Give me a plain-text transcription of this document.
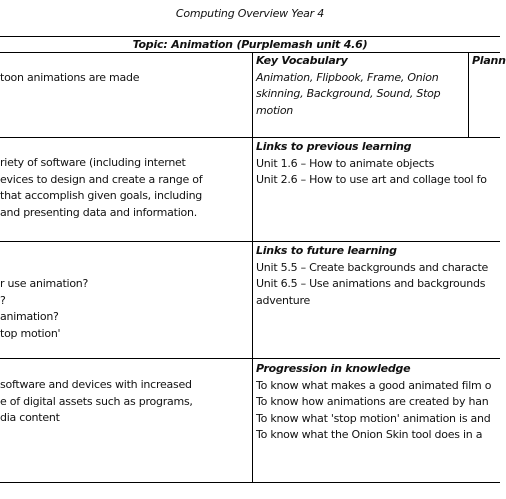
Computing Overview Year 4
Topic: Animation (Purplemash unit 4.6)
toon animations are made
Key Vocabulary
Animation, Flipbook, Frame, Onion
skinning, Background, Sound, Stop
motion
Plann
riety of software (including internet
evices to design and create a range of
that accomplish given goals, including
and presenting data and information.
Links to previous learning
Unit 1.6 – How to animate objects
Unit 2.6 – How to use art and collage tool fo
r use animation?
?
animation?
top motion'
Links to future learning
Unit 5.5 – Create backgrounds and characte
Unit 6.5 – Use animations and backgrounds
adventure
software and devices with increased
e of digital assets such as programs,
dia content
Progression in knowledge
To know what makes a good animated film o
To know how animations are created by han
To know what 'stop motion' animation is and
To know what the Onion Skin tool does in a
